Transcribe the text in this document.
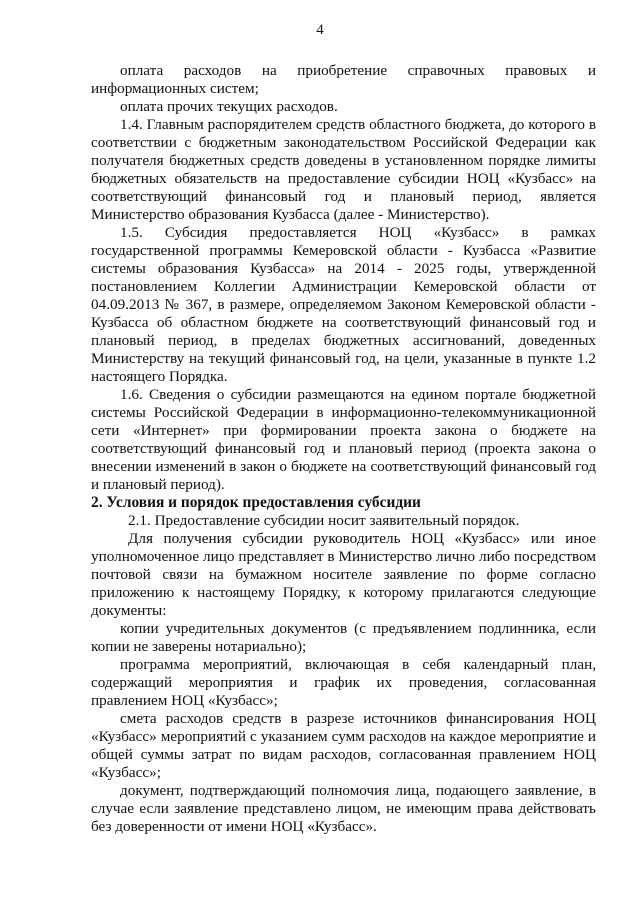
4

оплата расходов на приобретение справочных правовых и информационных систем;

оплата прочих текущих расходов.

1.4. Главным распорядителем средств областного бюджета, до которого в соответствии с бюджетным законодательством Российской Федерации как получателя бюджетных средств доведены в установленном порядке лимиты бюджетных обязательств на предоставление субсидии НОЦ «Кузбасс» на соответствующий финансовый год и плановый период, является Министерство образования Кузбасса (далее - Министерство).

1.5. Субсидия предоставляется НОЦ «Кузбасс» в рамках государственной программы Кемеровской области - Кузбасса «Развитие системы образования Кузбасса» на 2014 - 2025 годы, утвержденной постановлением Коллегии Администрации Кемеровской области от 04.09.2013 № 367, в размере, определяемом Законом Кемеровской области - Кузбасса об областном бюджете на соответствующий финансовый год и плановый период, в пределах бюджетных ассигнований, доведенных Министерству на текущий финансовый год, на цели, указанные в пункте 1.2 настоящего Порядка.

1.6. Сведения о субсидии размещаются на едином портале бюджетной системы Российской Федерации в информационно-телекоммуникационной сети «Интернет» при формировании проекта закона о бюджете на соответствующий финансовый год и плановый период (проекта закона о внесении изменений в закон о бюджете на соответствующий финансовый год и плановый период).

2. Условия и порядок предоставления субсидии

2.1. Предоставление субсидии носит заявительный порядок.

Для получения субсидии руководитель НОЦ «Кузбасс» или иное уполномоченное лицо представляет в Министерство лично либо посредством почтовой связи на бумажном носителе заявление по форме согласно приложению к настоящему Порядку, к которому прилагаются следующие документы:

копии учредительных документов (с предъявлением подлинника, если копии не заверены нотариально);

программа мероприятий, включающая в себя календарный план, содержащий мероприятия и график их проведения, согласованная правлением НОЦ «Кузбасс»;

смета расходов средств в разрезе источников финансирования НОЦ «Кузбасс» мероприятий с указанием сумм расходов на каждое мероприятие и общей суммы затрат по видам расходов, согласованная правлением НОЦ «Кузбасс»;

документ, подтверждающий полномочия лица, подающего заявление, в случае если заявление представлено лицом, не имеющим права действовать без доверенности от имени НОЦ «Кузбасс».
